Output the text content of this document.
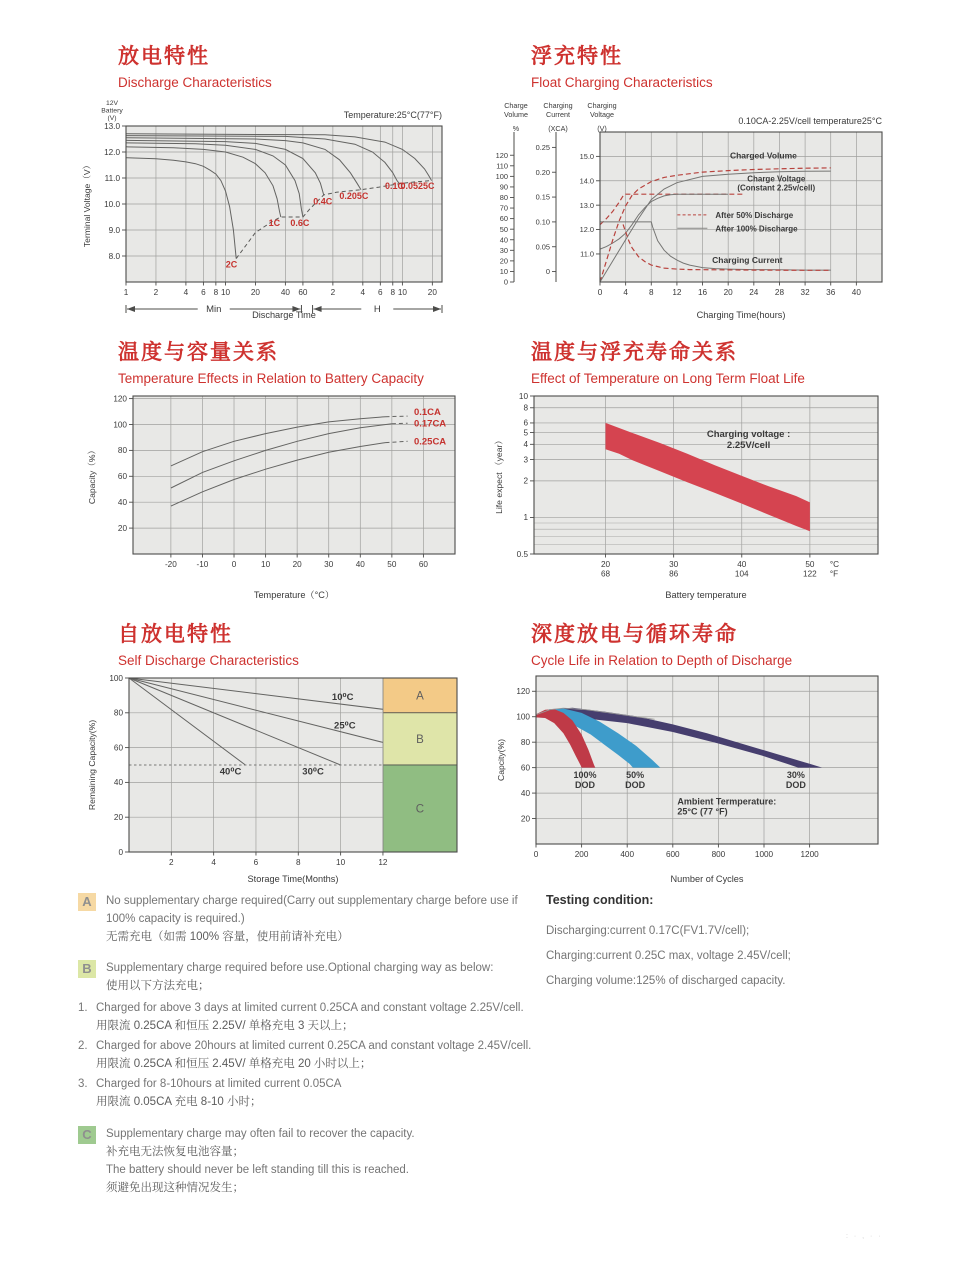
放电特性
Discharge Characteristics
浮充特性
Float Charging Characteristics
温度与容量关系
Temperature Effects in Relation to Battery Capacity
温度与浮充寿命关系
Effect of Temperature on Long Term Float Life
自放电特性
Self Discharge Characteristics
深度放电与循环寿命
Cycle Life in Relation to Depth of Discharge
1	2	4 6 8 10	20	40 60	2	4 6 8 10	20
8.0
9.0
10.0
11.0
12.0
13.0
2C
1C 0.6C
0.4C
0.205C
0.1C
0.0525C
Min	H
Discharge Time
Terminal Voltage（V）
Temperature:25°C(77°F)
12V
Battery
(V)
0	4	8 12 16 20 24 28 32 36 40
0
10
20
30
40
50
60
70
80
90
100
110
120
Charge
Volume
%
0
0.05
0.10
0.15
0.20
0.25
Charging
Current
(XCA)
11.0
12.0
13.0
14.0
15.0
Charging
Voltage
(V)
Charged Volume
Charge Voltage
(Constant 2.25v/cell)
After 50% Discharge
After 100% Discharge
Charging Current
Charging Time(hours)
0.10CA-2.25V/cell temperature25°C
-20 -10	0	10	20	30	40	50	60
20
40
60
80
100
120
0.1CA
0.17CA
0.25CA
Temperature（°C）
Capacity（%）
20
68
30
86
40
104
50
122
°C
°F
10
8
6
5
4
3
2
1
0.5
Charging voltage :
2.25V/cell
Battery temperature
Life expect （year）
A
B
C
2	4	6	8	10	12
0
20
40
60
80
100
10⁰C
25⁰C
30⁰C
40⁰C
Storage Time(Months)
Remaining Capacity(%)
0	200	400	600	800	1000	1200
20
40
60
80
100
120
100%
DOD
50%
DOD
30%
DOD
Ambient Termperature:
25°C (77 °F)
Number of Cycles
Capcity(%)
A	No supplementary charge required(Carry out supplementary charge before use if 100% capacity is required.)
无需充电（如需 100% 容量，使用前请补充电）
B	Supplementary charge required before use.Optional charging way as below:
使用以下方法充电；
1. Charged for above 3 days at limited current 0.25CA and constant voltage 2.25V/cell.
用限流 0.25CA 和恒压 2.25V/ 单格充电 3 天以上；
2. Charged for above 20hours at limited current 0.25CA and constant voltage 2.45V/cell.
用限流 0.25CA 和恒压 2.45V/ 单格充电 20 小时以上；
3. Charged for 8-10hours at limited current 0.05CA
用限流 0.05CA 充电 8-10 小时；
C	Supplementary charge may often fail to recover the capacity.
补充电无法恢复电池容量；
The battery should never be left standing till this is reached.
须避免出现这种情况发生；
Testing condition:
Discharging:current 0.17C(FV1.7V/cell);
Charging:current 0.25C max, voltage 2.45V/cell;
Charging volume:125% of discharged capacity.
: · , · ·
